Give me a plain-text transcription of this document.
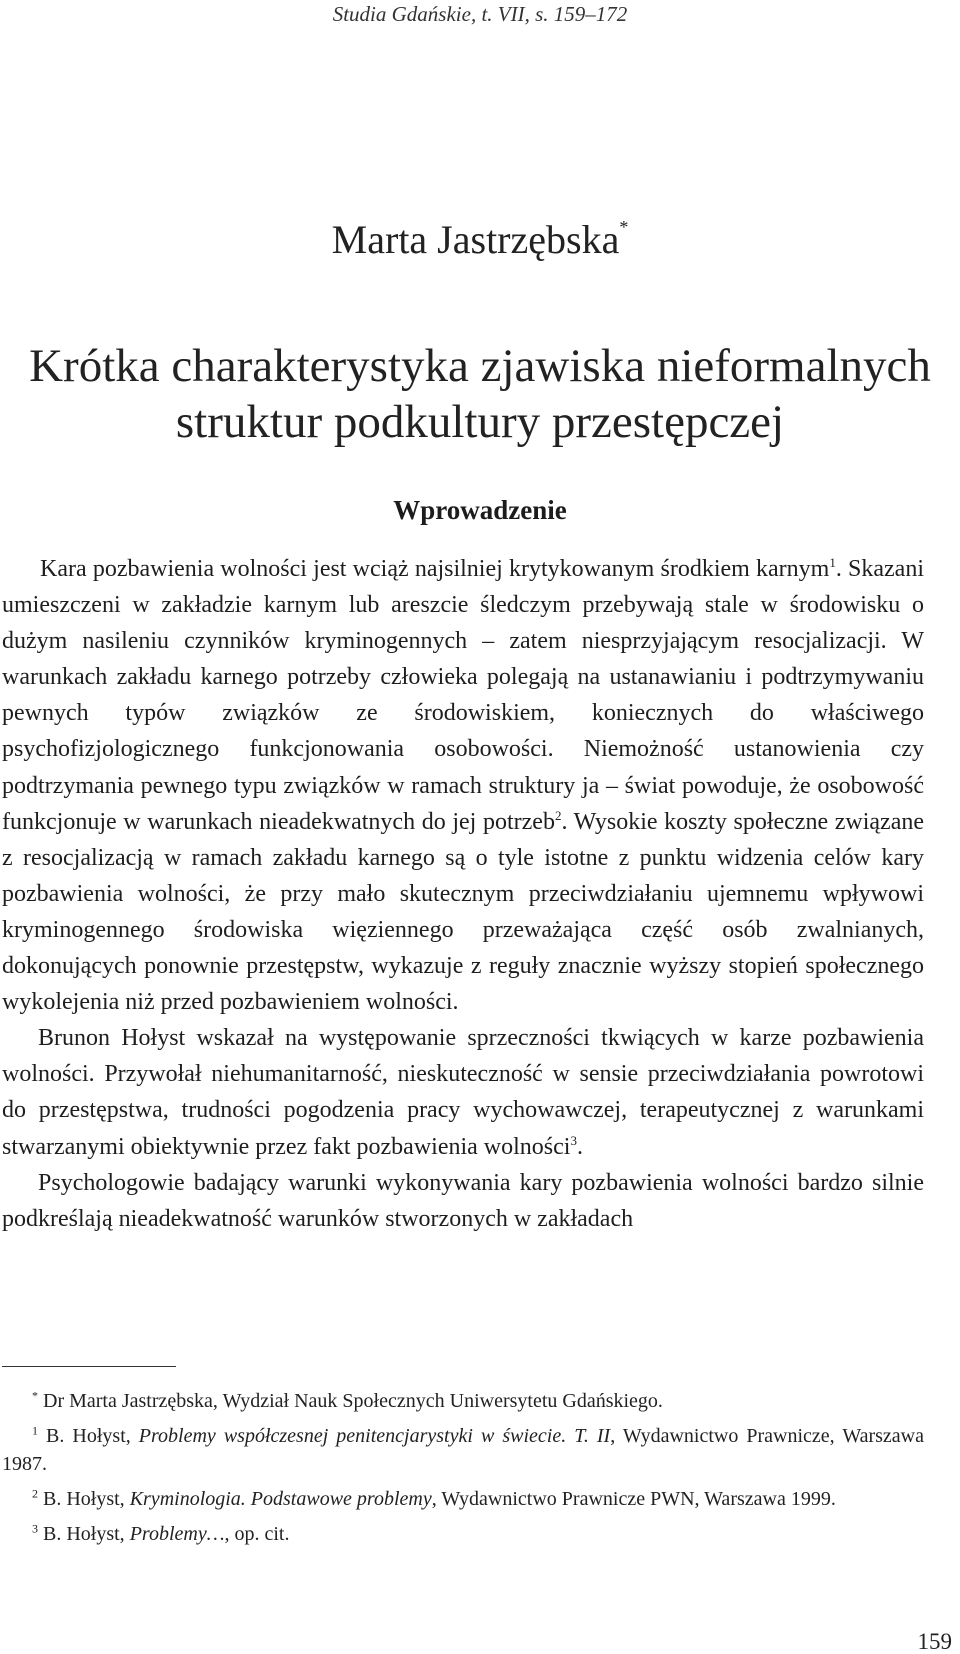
Studia Gdańskie, t. VII, s. 159–172
Marta Jastrzębska*
Krótka charakterystyka zjawiska nieformalnych
struktur podkultury przestępczej
Wprowadzenie

Kara pozbawienia wolności jest wciąż najsilniej krytykowanym środkiem karnym$^1$. Skazani umieszczeni w zakładzie karnym lub areszcie śledczym przebywają stale w środowisku o dużym nasileniu czynników kryminogennych – zatem niesprzyjającym resocjalizacji. W warunkach zakładu karnego potrzeby człowieka polegają na ustanawianiu i podtrzymywaniu pewnych typów związków ze środowiskiem, koniecznych do właściwego psychofizjologicznego funkcjonowania osobowości. Niemożność ustanowienia czy podtrzymania pewnego typu związków w ramach struktury ja – świat powoduje, że osobowość funkcjonuje w warunkach nieadekwatnych do jej potrzeb$^2$. Wysokie koszty społeczne związane z resocjalizacją w ramach zakładu karnego są o tyle istotne z punktu widzenia celów kary pozbawienia wolności, że przy mało skutecznym przeciwdziałaniu ujemnemu wpływowi kryminogennego środowiska więziennego przeważająca część osób zwalnianych, dokonujących ponownie przestępstw, wykazuje z reguły znacznie wyższy stopień społecznego wykolejenia niż przed pozbawieniem wolności.

Brunon Hołyst wskazał na występowanie sprzeczności tkwiących w karze pozbawienia wolności. Przywołał niehumanitarność, nieskuteczność w sensie przeciwdziałania powrotowi do przestępstwa, trudności pogodzenia pracy wychowawczej, terapeutycznej z warunkami stwarzanymi obiektywnie przez fakt pozbawienia wolności$^3$.

Psychologowie badający warunki wykonywania kary pozbawienia wolności bardzo silnie podkreślają nieadekwatność warunków stworzonych w zakładach

* Dr Marta Jastrzębska, Wydział Nauk Społecznych Uniwersytetu Gdańskiego.

$^1$ B. Hołyst, Problemy współczesnej penitencjarystyki w świecie. T. II, Wydawnictwo Prawnicze, Warszawa 1987.

$^2$ B. Hołyst, Kryminologia. Podstawowe problemy, Wydawnictwo Prawnicze PWN, Warszawa 1999.

$^3$ B. Hołyst, Problemy…, op. cit.

159
